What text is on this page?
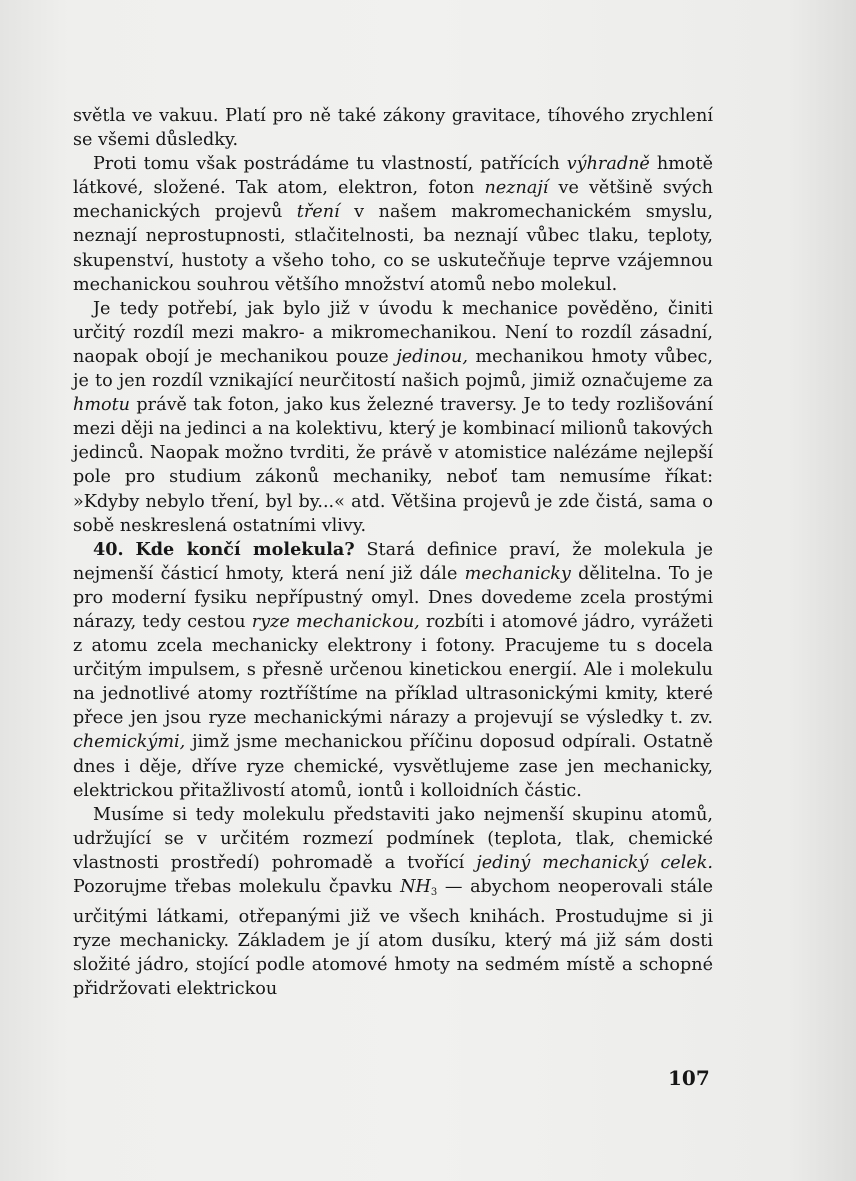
světla ve vakuu. Platí pro ně také zákony gravitace, tíhového zrychlení se všemi důsledky.

Proti tomu však postrádáme tu vlastností, patřících výhradně hmotě látkové, složené. Tak atom, elektron, foton neznají ve většině svých mechanických projevů tření v našem makromechanickém smyslu, neznají neprostupnosti, stlačitelnosti, ba neznají vůbec tlaku, teploty, skupenství, hustoty a všeho toho, co se uskutečňuje teprve vzájemnou mechanickou souhrou většího množství atomů nebo molekul.

Je tedy potřebí, jak bylo již v úvodu k mechanice pověděno, činiti určitý rozdíl mezi makro- a mikromechanikou. Není to rozdíl zásadní, naopak obojí je mechanikou pouze jedinou, mechanikou hmoty vůbec, je to jen rozdíl vznikající neurčitostí našich pojmů, jimiž označujeme za hmotu právě tak foton, jako kus železné traversy. Je to tedy rozlišování mezi ději na jedinci a na kolektivu, který je kombinací milionů takových jedinců. Naopak možno tvrditi, že právě v atomistice nalézáme nejlepší pole pro studium zákonů mechaniky, neboť tam nemusíme říkat: »Kdyby nebylo tření, byl by...« atd. Většina projevů je zde čistá, sama o sobě neskreslená ostatními vlivy.

40. Kde končí molekula? Stará definice praví, že molekula je nejmenší částicí hmoty, která není již dále mechanicky dělitelna. To je pro moderní fysiku nepřípustný omyl. Dnes dovedeme zcela prostými nárazy, tedy cestou ryze mechanickou, rozbíti i atomové jádro, vyrážeti z atomu zcela mechanicky elektrony i fotony. Pracujeme tu s docela určitým impulsem, s přesně určenou kinetickou energií. Ale i molekulu na jednotlivé atomy roztříštíme na příklad ultrasonickými kmity, které přece jen jsou ryze mechanickými nárazy a projevují se výsledky t. zv. chemickými, jimž jsme mechanickou příčinu doposud odpírali. Ostatně dnes i děje, dříve ryze chemické, vysvětlujeme zase jen mechanicky, elektrickou přitažlivostí atomů, iontů i kolloidních částic.

Musíme si tedy molekulu představiti jako nejmenší skupinu atomů, udržující se v určitém rozmezí podmínek (teplota, tlak, chemické vlastnosti prostředí) pohromadě a tvořící jediný mechanický celek. Pozorujme třebas molekulu čpavku $NH_3$ — abychom neoperovali stále určitými látkami, otřepanými již ve všech knihách. Prostudujme si ji ryze mechanicky. Základem je jí atom dusíku, který má již sám dosti složité jádro, stojící podle atomové hmoty na sedmém místě a schopné přidržovati elektrickou

107
